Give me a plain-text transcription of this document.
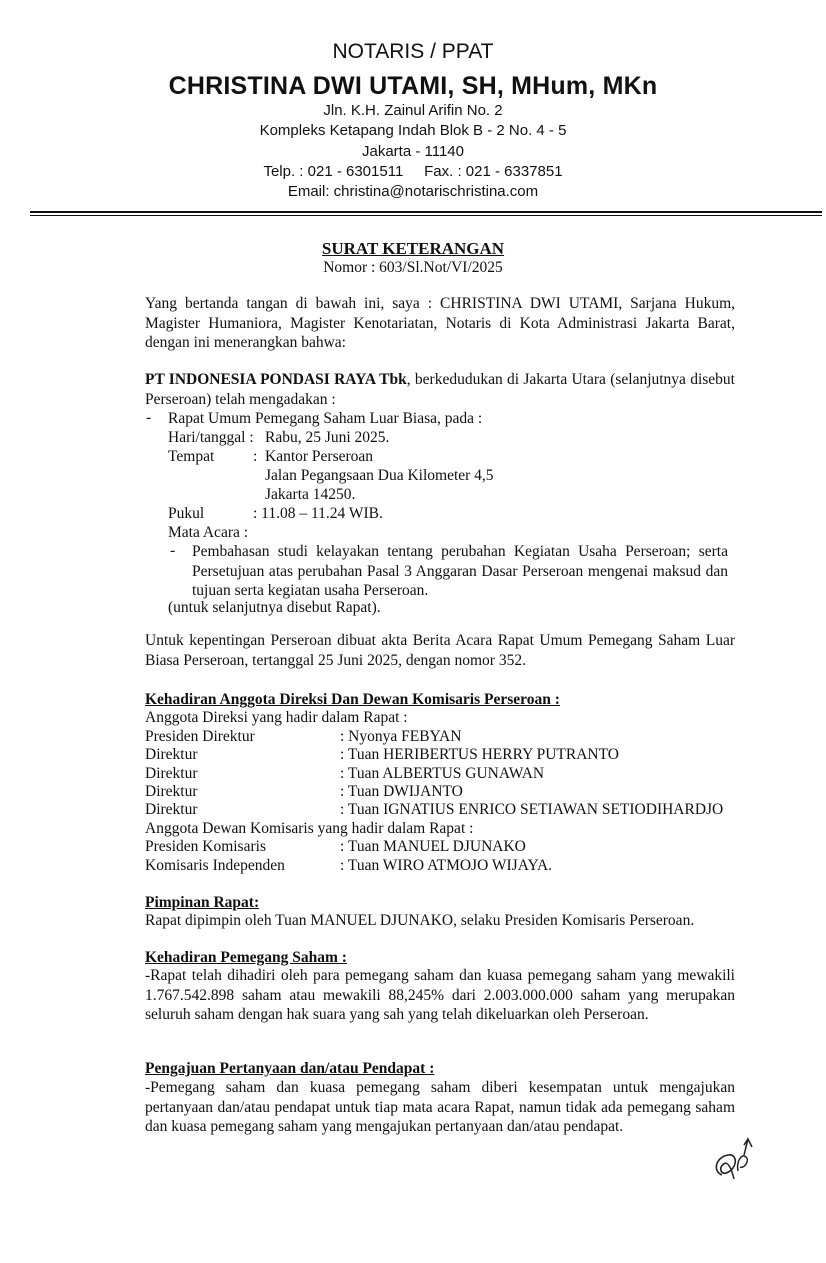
NOTARIS / PPAT
CHRISTINA DWI UTAMI, SH, MHum, MKn
Jln. K.H. Zainul Arifin No. 2
Kompleks Ketapang Indah Blok B - 2 No. 4 - 5
Jakarta - 11140
Telp. : 021 - 6301511     Fax. : 021 - 6337851
Email: christina@notarischristina.com
SURAT KETERANGAN
Nomor : 603/Sl.Not/VI/2025
Yang bertanda tangan di bawah ini, saya : CHRISTINA DWI UTAMI, Sarjana Hukum, Magister Humaniora, Magister Kenotariatan, Notaris di Kota Administrasi Jakarta Barat, dengan ini menerangkan bahwa:
PT INDONESIA PONDASI RAYA Tbk, berkedudukan di Jakarta Utara (selanjutnya disebut Perseroan) telah mengadakan :
- Rapat Umum Pemegang Saham Luar Biasa, pada :
Hari/tanggal : Rabu, 25 Juni 2025.
Tempat : Kantor Perseroan
Jalan Pegangsaan Dua Kilometer 4,5
Jakarta 14250.
Pukul	: 11.08 – 11.24 WIB.
Mata Acara :
- Pembahasan studi kelayakan tentang perubahan Kegiatan Usaha Perseroan; serta Persetujuan atas perubahan Pasal 3 Anggaran Dasar Perseroan mengenai maksud dan tujuan serta kegiatan usaha Perseroan.
(untuk selanjutnya disebut Rapat).
Untuk kepentingan Perseroan dibuat akta Berita Acara Rapat Umum Pemegang Saham Luar Biasa Perseroan, tertanggal 25 Juni 2025, dengan nomor 352.
Kehadiran Anggota Direksi Dan Dewan Komisaris Perseroan :
Anggota Direksi yang hadir dalam Rapat :
Presiden Direktur	: Nyonya FEBYAN
Direktur	: Tuan HERIBERTUS HERRY PUTRANTO
Direktur	: Tuan ALBERTUS GUNAWAN
Direktur	: Tuan DWIJANTO
Direktur	: Tuan IGNATIUS ENRICO SETIAWAN SETIODIHARDJO
Anggota Dewan Komisaris yang hadir dalam Rapat :
Presiden Komisaris	: Tuan MANUEL DJUNAKO
Komisaris Independen	: Tuan WIRO ATMOJO WIJAYA.
Pimpinan Rapat:
Rapat dipimpin oleh Tuan MANUEL DJUNAKO, selaku Presiden Komisaris Perseroan.
Kehadiran Pemegang Saham :
-Rapat telah dihadiri oleh para pemegang saham dan kuasa pemegang saham yang mewakili 1.767.542.898 saham atau mewakili 88,245% dari 2.003.000.000 saham yang merupakan seluruh saham dengan hak suara yang sah yang telah dikeluarkan oleh Perseroan.
Pengajuan Pertanyaan dan/atau Pendapat :
-Pemegang saham dan kuasa pemegang saham diberi kesempatan untuk mengajukan pertanyaan dan/atau pendapat untuk tiap mata acara Rapat, namun tidak ada pemegang saham dan kuasa pemegang saham yang mengajukan pertanyaan dan/atau pendapat.
